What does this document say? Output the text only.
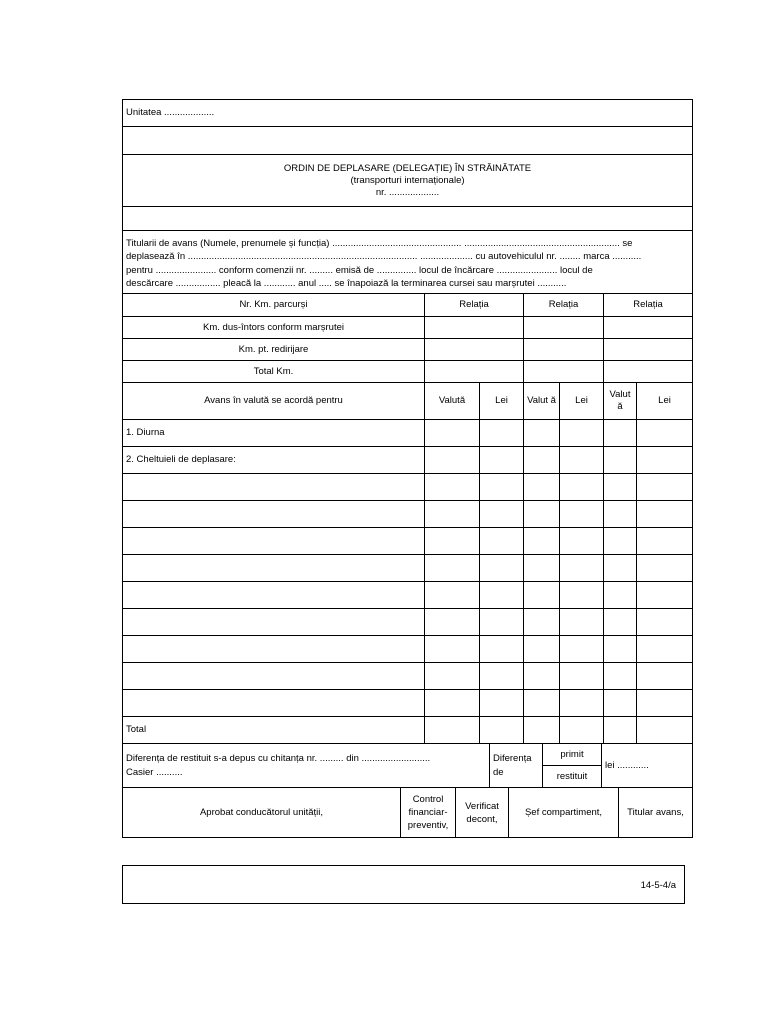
Unitatea ...................						

ORDIN DE DEPLASARE (DELEGAȚIE) ÎN STRĂINĂTATE
(transporturi internaționale)
nr. ...................						

Titularii de avans (Numele, prenumele și funcția) ................................................. ........................................................... se
deplasează în ....................................................................................... .................... cu autovehiculul nr. ........ marca ...........
pentru ....................... conform comenzii nr. ......... emisă de ............... locul de încărcare ....................... locul de
descărcare ................. pleacă la ............ anul ..... se înapoiază la terminarea cursei sau marșrutei ...........						

Nr. Km. parcurși	Relația		Relația		Relația	
Km. dus-întors conform marșrutei						
Km. pt. redirijare						
Total Km.						
Avans în valută se acordă pentru	Valută	Lei	Valut ă	Lei	Valut ă	Lei
1. Diurna						
2. Cheltuieli de deplasare:						

Total						
Diferența de restituit s-a depus cu chitanța nr. ......... din ..........................
Casier ..........
	Diferența de	primit	lei ............
restituit
Aprobat conducătorul unității,	Control financiar-preventiv,	Verificat decont,	Șef compartiment,	Titular avans,
14-5-4/a
